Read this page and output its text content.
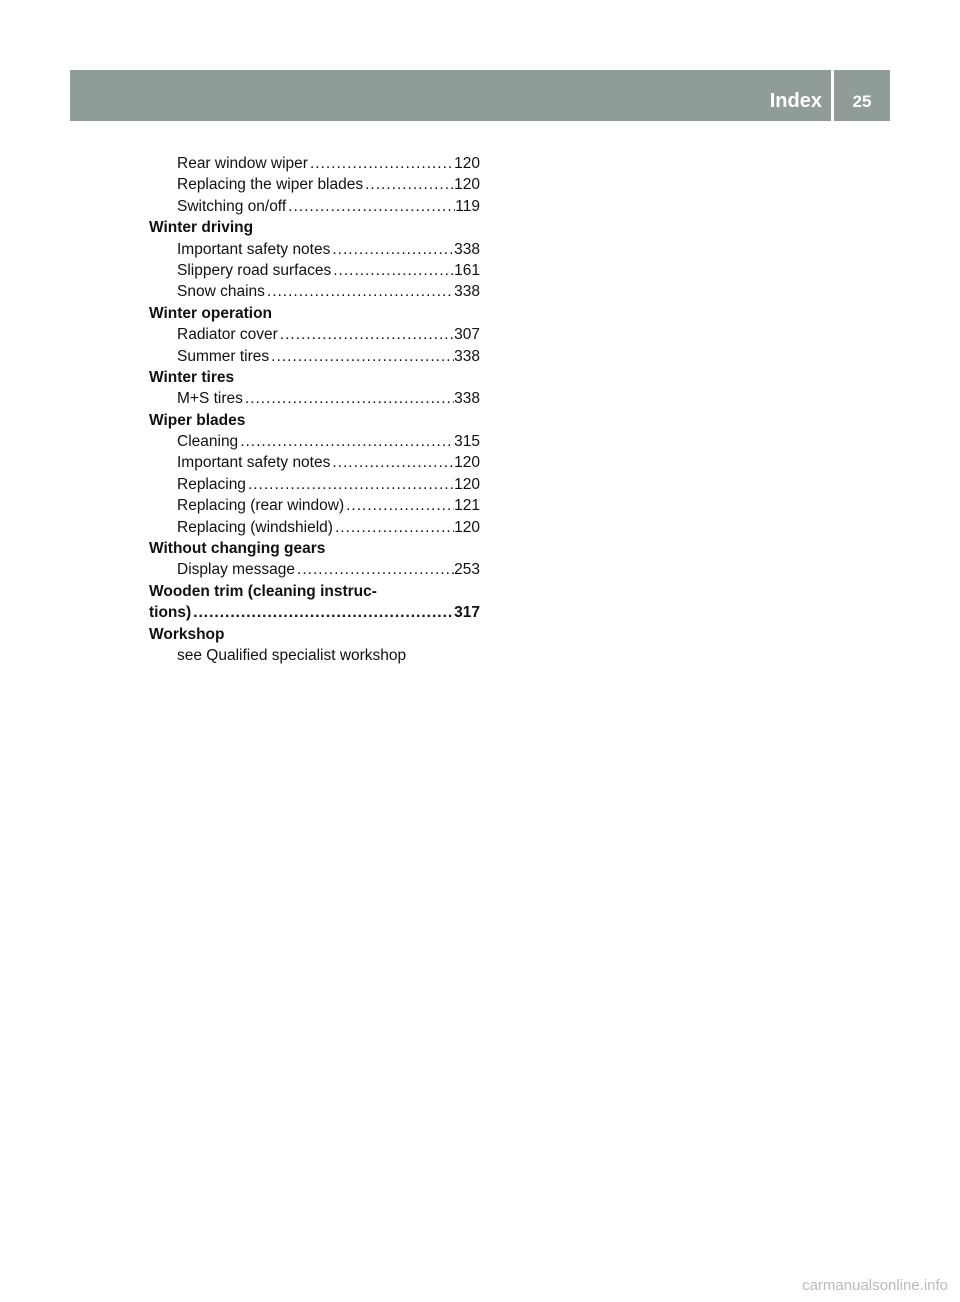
Index	25
Rear window wiper .....	120
Replacing the wiper blades .....	120
Switching on/off .....	119
Winter driving
Important safety notes .....	338
Slippery road surfaces .....	161
Snow chains .....	338
Winter operation
Radiator cover .....	307
Summer tires .....	338
Winter tires
M+S tires .....	338
Wiper blades
Cleaning .....	315
Important safety notes .....	120
Replacing .....	120
Replacing (rear window) .....	121
Replacing (windshield) .....	120
Without changing gears
Display message .....	253
Wooden trim (cleaning instruc-
tions) .....	317
Workshop
see Qualified specialist workshop
carmanualsonline.info
